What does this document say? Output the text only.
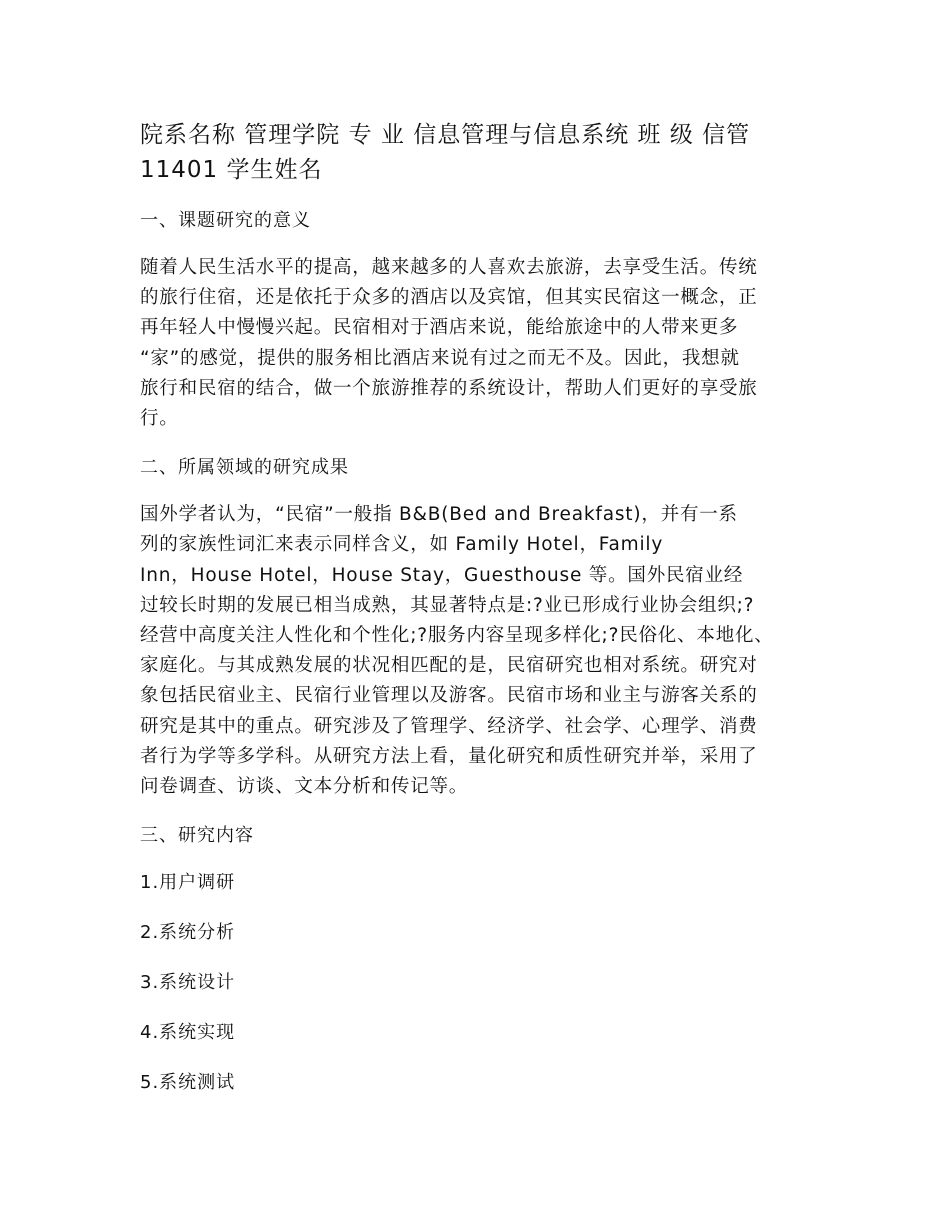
院系名称 管理学院 专 业 信息管理与信息系统 班 级 信管
11401 学生姓名
一、课题研究的意义

随着人民生活水平的提高，越来越多的人喜欢去旅游，去享受生活。传统
的旅行住宿，还是依托于众多的酒店以及宾馆，但其实民宿这一概念，正
再年轻人中慢慢兴起。民宿相对于酒店来说，能给旅途中的人带来更多
“家”的感觉，提供的服务相比酒店来说有过之而无不及。因此，我想就
旅行和民宿的结合，做一个旅游推荐的系统设计，帮助人们更好的享受旅
行。

二、所属领域的研究成果

国外学者认为，“民宿”一般指 B&B(Bed and Breakfast)，并有一系
列的家族性词汇来表示同样含义，如 Family Hotel，Family
Inn，House Hotel，House Stay，Guesthouse 等。国外民宿业经
过较长时期的发展已相当成熟，其显著特点是:?业已形成行业协会组织;?
经营中高度关注人性化和个性化;?服务内容呈现多样化;?民俗化、本地化、
家庭化。与其成熟发展的状况相匹配的是，民宿研究也相对系统。研究对
象包括民宿业主、民宿行业管理以及游客。民宿市场和业主与游客关系的
研究是其中的重点。研究涉及了管理学、经济学、社会学、心理学、消费
者行为学等多学科。从研究方法上看，量化研究和质性研究并举，采用了
问卷调查、访谈、文本分析和传记等。

三、研究内容
1.用户调研
2.系统分析
3.系统设计
4.系统实现
5.系统测试
